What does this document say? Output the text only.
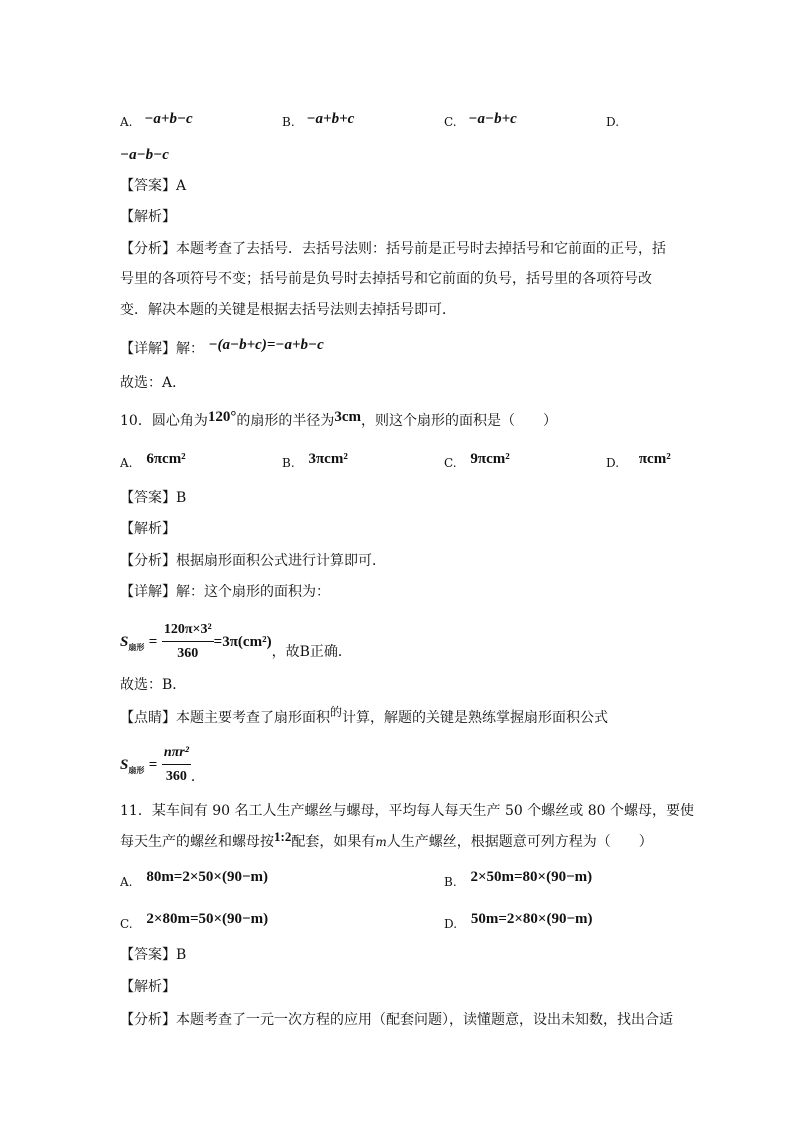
A. −a+b−c	B. −a+b+c	C. −a−b+c	D.
−a−b−c
【答案】A
【解析】
【分析】本题考查了去括号．去括号法则：括号前是正号时去掉括号和它前面的正号，括
号里的各项符号不变；括号前是负号时去掉括号和它前面的负号，括号里的各项符号改
变．解决本题的关键是根据去括号法则去掉括号即可．
【详解】解： −(a−b+c)=−a+b−c
故选：A．
10．圆心角为120°的扇形的半径为3cm，则这个扇形的面积是（　　）
A. 6πcm²	B. 3πcm²	C. 9πcm²	D. πcm²
【答案】B
【解析】
【分析】根据扇形面积公式进行计算即可．
【详解】解：这个扇形的面积为：
$S_{扇形} = \frac{\text{120π×3²}}{360} =3\pi(cm^2)$，故B正确．
故选：B．
【点睛】本题主要考查了扇形面积的计算，解题的关键是熟练掌握扇形面积公式
$S_{扇形} = \frac{\text{nπr²}}{360}$ ．
11．某车间有 90 名工人生产螺丝与螺母，平均每人每天生产 50 个螺丝或 80 个螺母，要使
每天生产的螺丝和螺母按1:2配套，如果有m人生产螺丝，根据题意可列方程为（　　）
A. 80m=2×50×(90−m)	B. 2×50m=80×(90−m)
C. 2×80m=50×(90−m)	D. 50m=2×80×(90−m)
【答案】B
【解析】
【分析】本题考查了一元一次方程的应用（配套问题），读懂题意，设出未知数，找出合适
